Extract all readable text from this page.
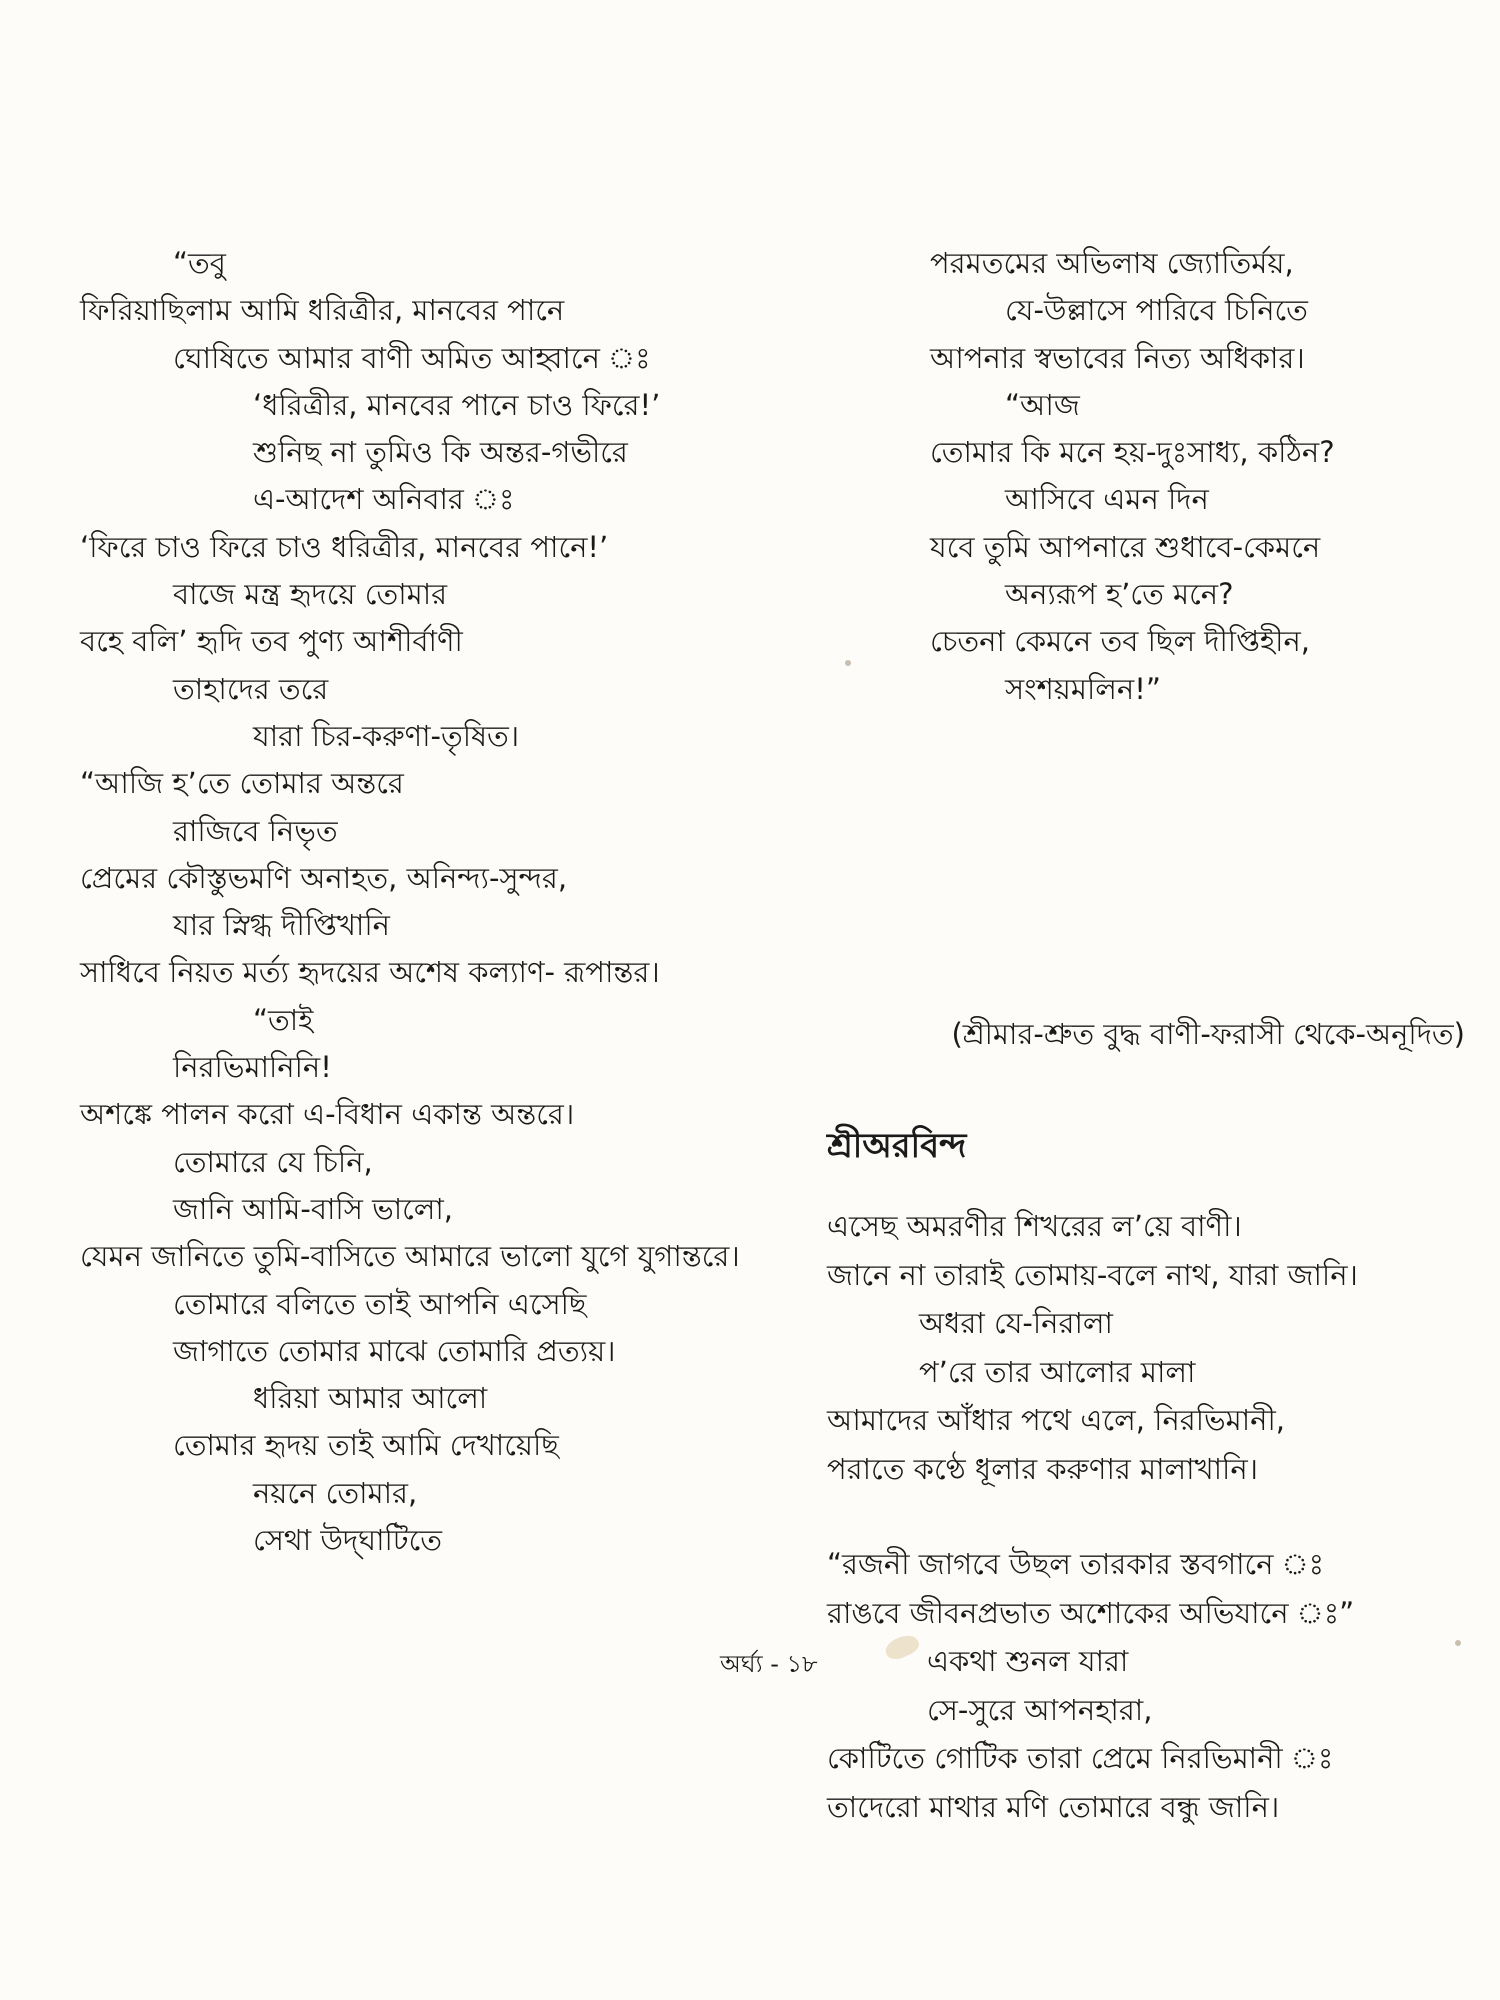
“তবু
ফিরিয়াছিলাম আমি ধরিত্রীর, মানবের পানে
ঘোষিতে আমার বাণী অমিত আহ্বানে ঃ
‘ধরিত্রীর, মানবের পানে চাও ফিরে!’
শুনিছ না তুমিও কি অন্তর-গভীরে
এ-আদেশ অনিবার ঃ
‘ফিরে চাও ফিরে চাও ধরিত্রীর, মানবের পানে!’
বাজে মন্ত্র হৃদয়ে তোমার
বহে বলি’ হৃদি তব পুণ্য আশীর্বাণী
তাহাদের তরে
যারা চির-করুণা-তৃষিত।
“আজি হ’তে তোমার অন্তরে
রাজিবে নিভৃত
প্রেমের কৌস্তুভমণি অনাহত, অনিন্দ্য-সুন্দর,
যার স্নিগ্ধ দীপ্তিখানি
সাধিবে নিয়ত মর্ত্য হৃদয়ের অশেষ কল্যাণ- রূপান্তর।
“তাই
নিরভিমানিনি!
অশঙ্কে পালন করো এ-বিধান একান্ত অন্তরে।
তোমারে যে চিনি,
জানি আমি-বাসি ভালো,
যেমন জানিতে তুমি-বাসিতে আমারে ভালো যুগে যুগান্তরে।
তোমারে বলিতে তাই আপনি এসেছি
জাগাতে তোমার মাঝে তোমারি প্রত্যয়।
ধরিয়া আমার আলো
তোমার হৃদয় তাই আমি দেখায়েছি
নয়নে তোমার,
সেথা উদ্‌ঘাটিতে
পরমতমের অভিলাষ জ্যোতির্ময়,
যে-উল্লাসে পারিবে চিনিতে
আপনার স্বভাবের নিত্য অধিকার।
“আজ
তোমার কি মনে হয়-দুঃসাধ্য, কঠিন?
আসিবে এমন দিন
যবে তুমি আপনারে শুধাবে-কেমনে
অন্যরূপ হ’তে মনে?
চেতনা কেমনে তব ছিল দীপ্তিহীন,
সংশয়মলিন!”
(শ্রীমার-শ্রুত বুদ্ধ বাণী-ফরাসী থেকে-অনূদিত)
শ্রীঅরবিন্দ
এসেছ অমরণীর শিখরের ল’য়ে বাণী।
জানে না তারাই তোমায়-বলে নাথ, যারা জানি।
অধরা যে-নিরালা
প’রে তার আলোর মালা
আমাদের আঁধার পথে এলে, নিরভিমানী,
পরাতে কণ্ঠে ধূলার করুণার মালাখানি।
“রজনী জাগবে উছল তারকার স্তবগানে ঃ
রাঙবে জীবনপ্রভাত অশোকের অভিযানে ঃ”
একথা শুনল যারা
সে-সুরে আপনহারা,
কোটিতে গোটিক তারা প্রেমে নিরভিমানী ঃ
তাদেরো মাথার মণি তোমারে বন্ধু জানি।
অর্ঘ্য - ১৮
